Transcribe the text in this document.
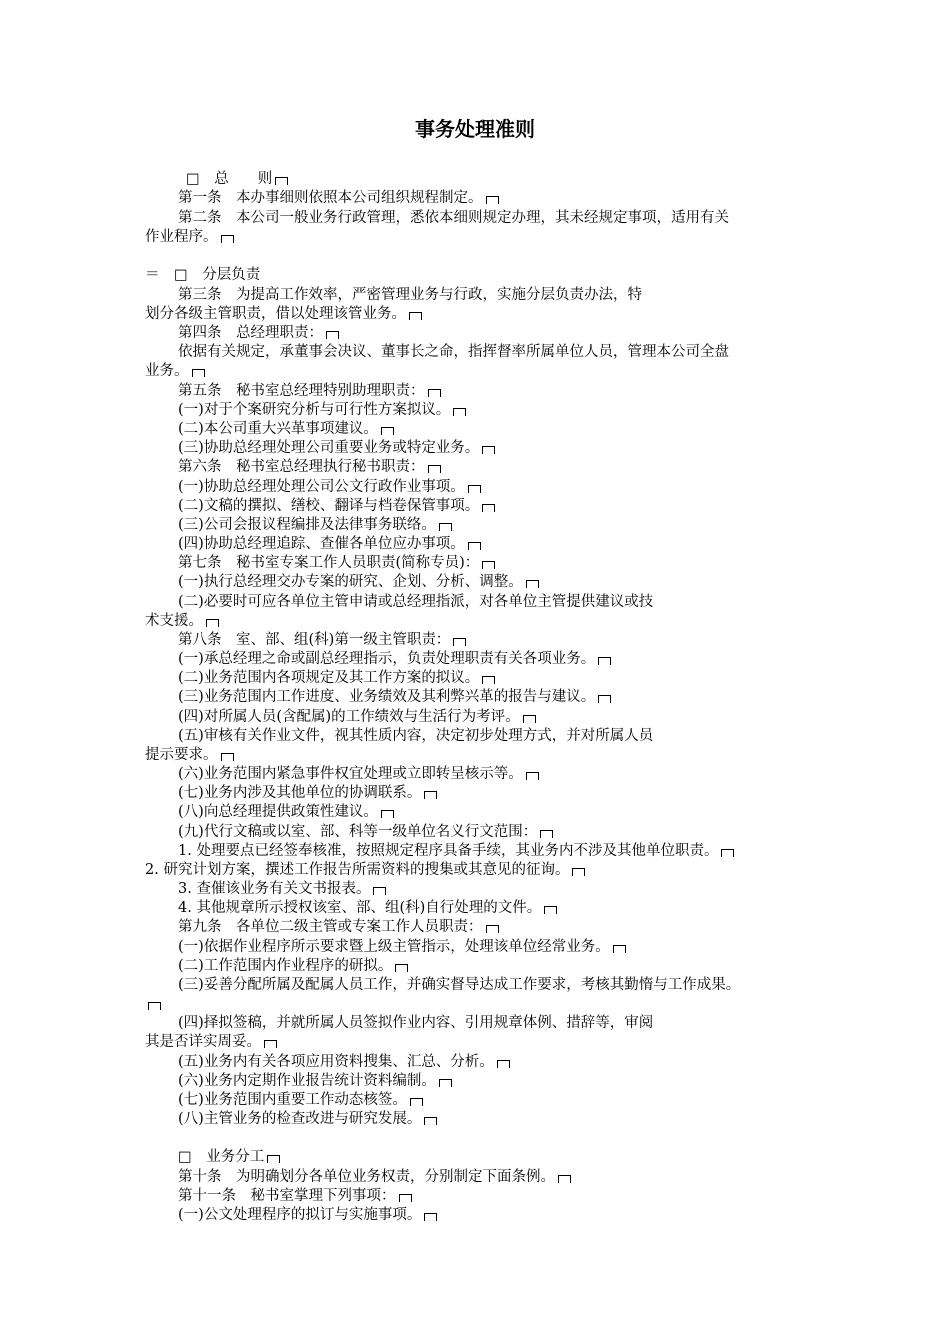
事务处理准则
□　总　　则
第一条　本办事细则依照本公司组织规程制定。
第二条　本公司一般业务行政管理，悉依本细则规定办理，其未经规定事项，适用有关
作业程序。
＝　□　分层负责
第三条　为提高工作效率，严密管理业务与行政，实施分层负责办法，特
划分各级主管职责，借以处理该管业务。
第四条　总经理职责：
依据有关规定，承董事会决议、董事长之命，指挥督率所属单位人员，管理本公司全盘
业务。
第五条　秘书室总经理特别助理职责：
(一)对于个案研究分析与可行性方案拟议。
(二)本公司重大兴革事项建议。
(三)协助总经理处理公司重要业务或特定业务。
第六条　秘书室总经理执行秘书职责：
(一)协助总经理处理公司公文行政作业事项。
(二)文稿的撰拟、缮校、翻译与档卷保管事项。
(三)公司会报议程编排及法律事务联络。
(四)协助总经理追踪、查催各单位应办事项。
第七条　秘书室专案工作人员职责(简称专员)：
(一)执行总经理交办专案的研究、企划、分析、调整。
(二)必要时可应各单位主管申请或总经理指派，对各单位主管提供建议或技
术支援。
第八条　室、部、组(科)第一级主管职责：
(一)承总经理之命或副总经理指示，负责处理职责有关各项业务。
(二)业务范围内各项规定及其工作方案的拟议。
(三)业务范围内工作进度、业务绩效及其利弊兴革的报告与建议。
(四)对所属人员(含配属)的工作绩效与生活行为考评。
(五)审核有关作业文件，视其性质内容，决定初步处理方式，并对所属人员
提示要求。
(六)业务范围内紧急事件权宜处理或立即转呈核示等。
(七)业务内涉及其他单位的协调联系。
(八)向总经理提供政策性建议。
(九)代行文稿或以室、部、科等一级单位名义行文范围：
1. 处理要点已经签奉核准，按照规定程序具备手续，其业务内不涉及其他单位职责。
2. 研究计划方案，撰述工作报告所需资料的搜集或其意见的征询。
3. 查催该业务有关文书报表。
4. 其他规章所示授权该室、部、组(科)自行处理的文件。
第九条　各单位二级主管或专案工作人员职责：
(一)依据作业程序所示要求暨上级主管指示，处理该单位经常业务。
(二)工作范围内作业程序的研拟。
(三)妥善分配所属及配属人员工作，并确实督导达成工作要求，考核其勤惰与工作成果。
(四)择拟签稿，并就所属人员签拟作业内容、引用规章体例、措辞等，审阅
其是否详实周妥。
(五)业务内有关各项应用资料搜集、汇总、分析。
(六)业务内定期作业报告统计资料编制。
(七)业务范围内重要工作动态核签。
(八)主管业务的检查改进与研究发展。
□　业务分工
第十条　为明确划分各单位业务权责，分别制定下面条例。
第十一条　秘书室掌理下列事项：
(一)公文处理程序的拟订与实施事项。
